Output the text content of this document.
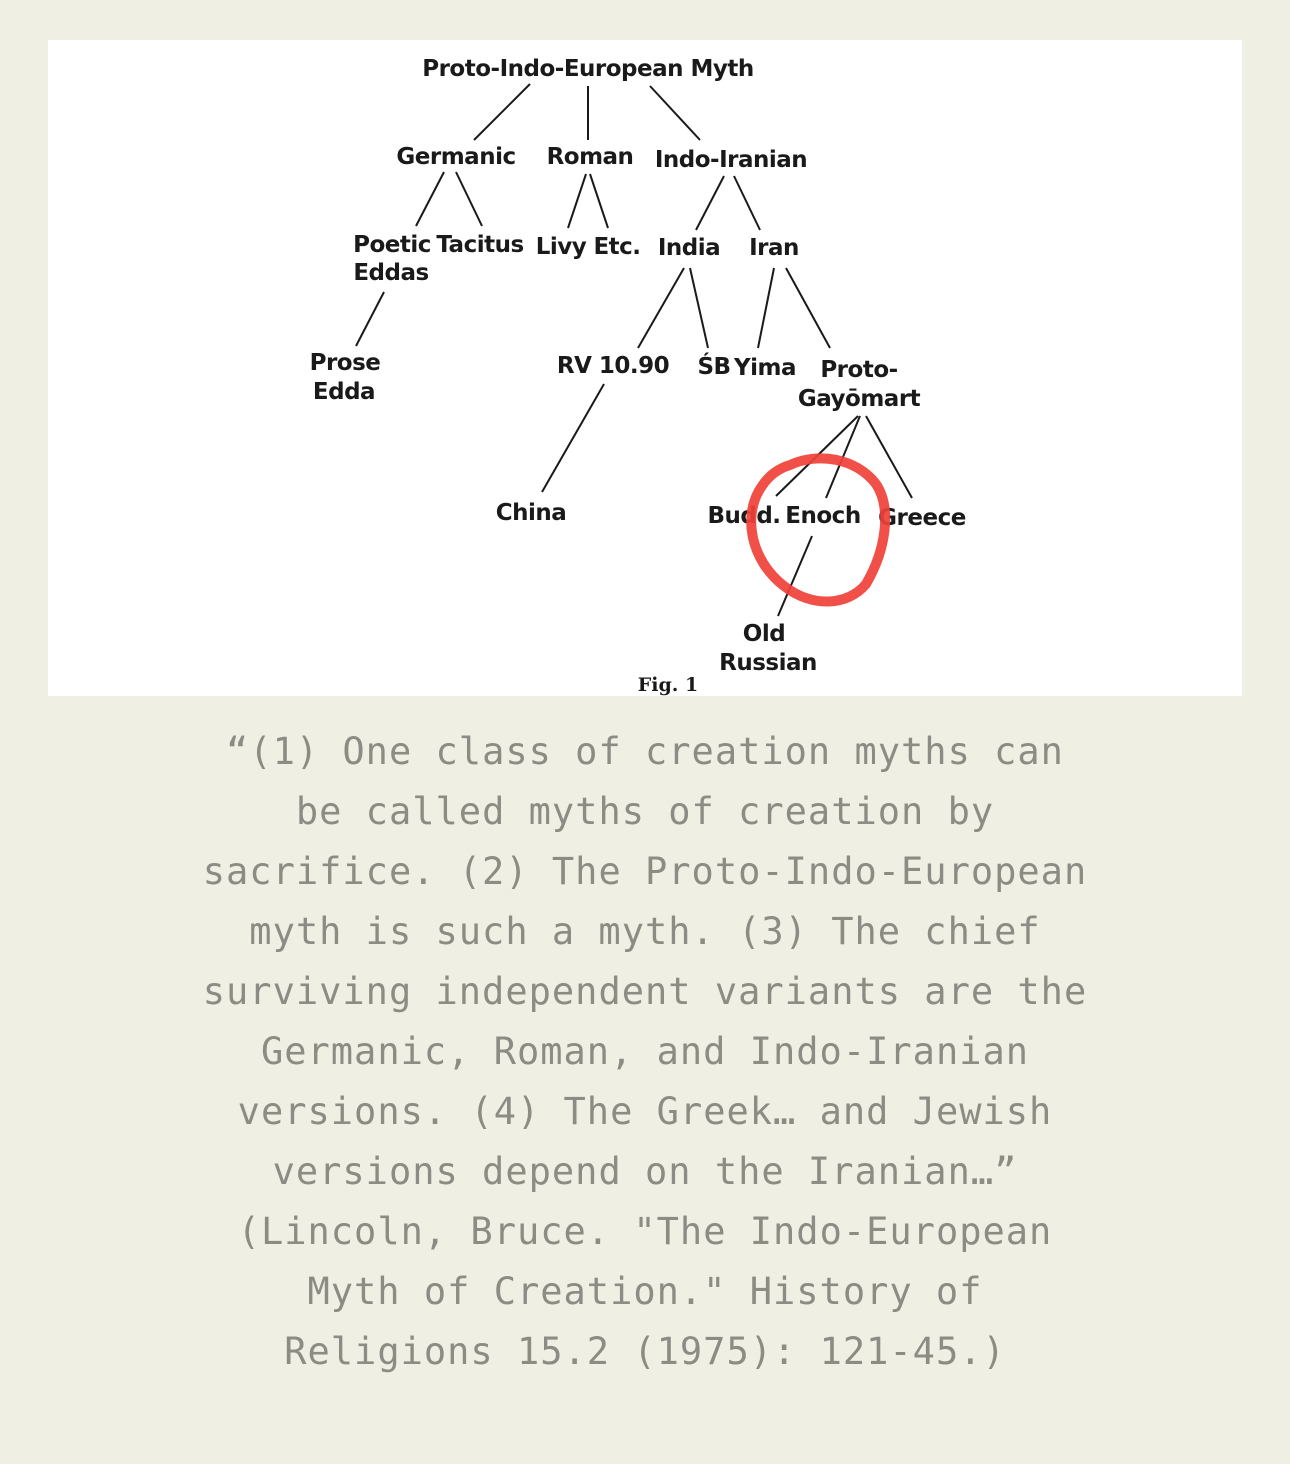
Proto-Indo-European Myth
Germanic Roman Indo-Iranian
Poetic
Eddas
Tacitus Livy Etc. India Iran
Prose
Edda
RV 10.90 ŚB Yima Proto-
Gayōmart
China	Budd. Enoch Greece
Old
Russian
Fig. 1

“(1) One class of creation myths can be called myths of creation by sacrifice. (2) The Proto-Indo-European myth is such a myth. (3) The chief surviving independent variants are the Germanic, Roman, and Indo-Iranian versions. (4) The Greek… and Jewish versions depend on the Iranian…” (Lincoln, Bruce. "The Indo-European Myth of Creation." History of Religions 15.2 (1975): 121-45.)
